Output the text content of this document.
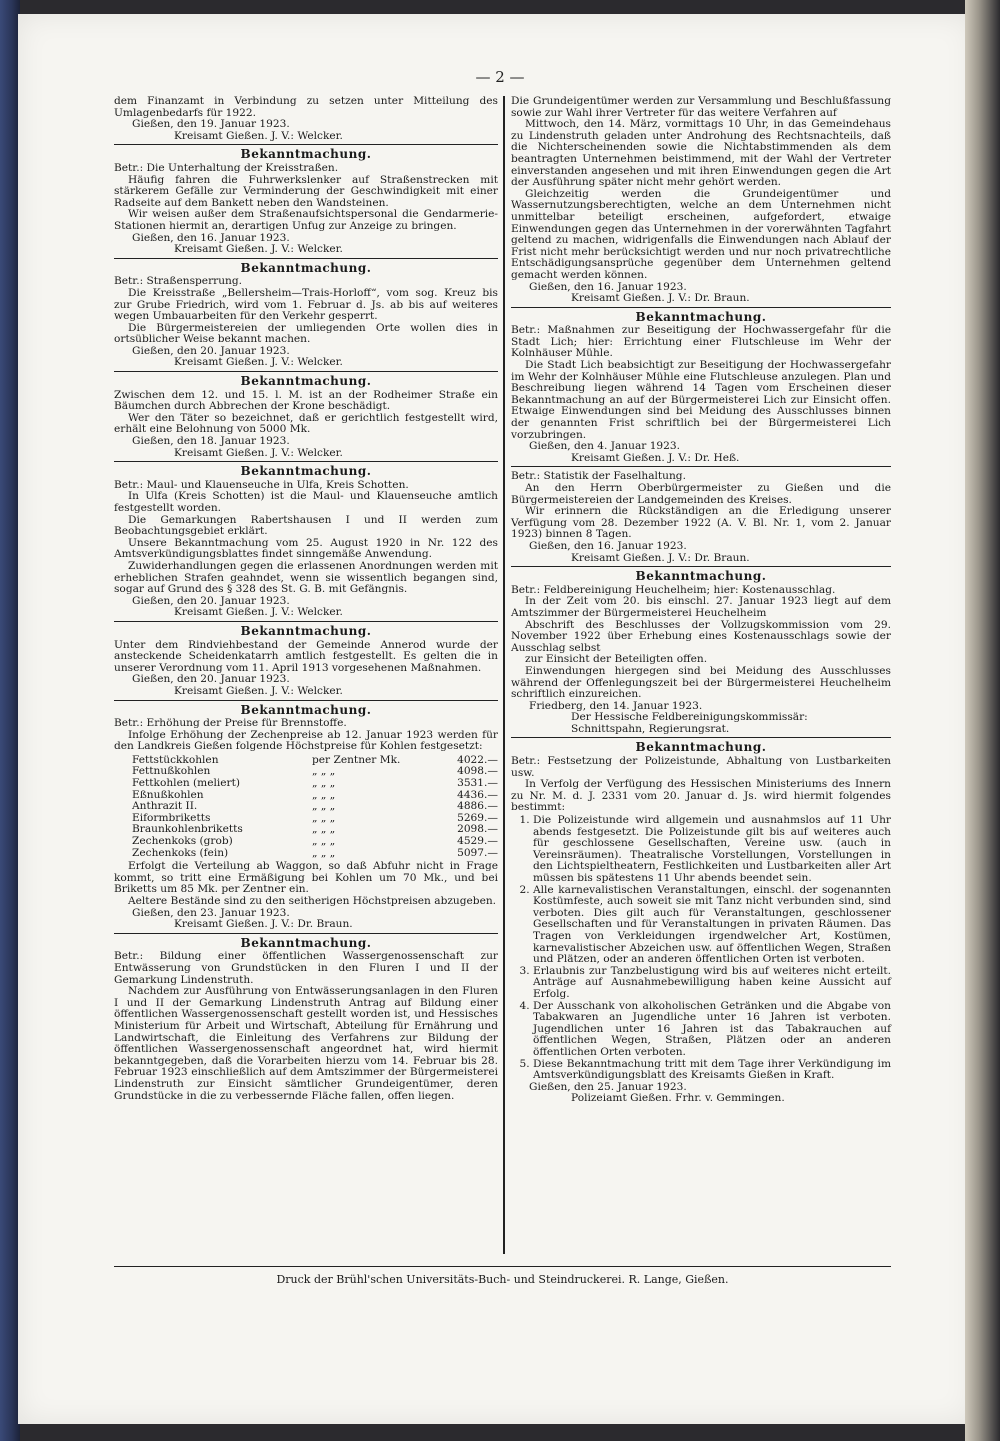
— 2 —

dem Finanzamt in Verbindung zu setzen unter Mitteilung des Umlagenbedarfs für 1922.

Gießen, den 19. Januar 1923.

Kreisamt Gießen. J. V.: Welcker.

Bekanntmachung.

Betr.: Die Unterhaltung der Kreisstraßen.

Häufig fahren die Fuhrwerkslenker auf Straßenstrecken mit stärkerem Gefälle zur Verminderung der Geschwindigkeit mit einer Radseite auf dem Bankett neben den Wandsteinen.

Wir weisen außer dem Straßenaufsichtspersonal die Gendarmerie-Stationen hiermit an, derartigen Unfug zur Anzeige zu bringen.

Gießen, den 16. Januar 1923.

Kreisamt Gießen. J. V.: Welcker.

Bekanntmachung.

Betr.: Straßensperrung.

Die Kreisstraße „Bellersheim—Trais-Horloff“, vom sog. Kreuz bis zur Grube Friedrich, wird vom 1. Februar d. Js. ab bis auf weiteres wegen Umbauarbeiten für den Verkehr gesperrt.

Die Bürgermeistereien der umliegenden Orte wollen dies in ortsüblicher Weise bekannt machen.

Gießen, den 20. Januar 1923.

Kreisamt Gießen. J. V.: Welcker.

Bekanntmachung.

Zwischen dem 12. und 15. l. M. ist an der Rodheimer Straße ein Bäumchen durch Abbrechen der Krone beschädigt.

Wer den Täter so bezeichnet, daß er gerichtlich festgestellt wird, erhält eine Belohnung von 5000 Mk.

Gießen, den 18. Januar 1923.

Kreisamt Gießen. J. V.: Welcker.

Bekanntmachung.

Betr.: Maul- und Klauenseuche in Ulfa, Kreis Schotten.

In Ulfa (Kreis Schotten) ist die Maul- und Klauenseuche amtlich festgestellt worden.

Die Gemarkungen Rabertshausen I und II werden zum Beobachtungsgebiet erklärt.

Unsere Bekanntmachung vom 25. August 1920 in Nr. 122 des Amtsverkündigungsblattes findet sinngemäße Anwendung.

Zuwiderhandlungen gegen die erlassenen Anordnungen werden mit erheblichen Strafen geahndet, wenn sie wissentlich begangen sind, sogar auf Grund des § 328 des St. G. B. mit Gefängnis.

Gießen, den 20. Januar 1923.

Kreisamt Gießen. J. V.: Welcker.

Bekanntmachung.

Unter dem Rindviehbestand der Gemeinde Annerod wurde der ansteckende Scheidenkatarrh amtlich festgestellt. Es gelten die in unserer Verordnung vom 11. April 1913 vorgesehenen Maßnahmen.

Gießen, den 20. Januar 1923.

Kreisamt Gießen. J. V.: Welcker.

Bekanntmachung.

Betr.: Erhöhung der Preise für Brennstoffe.

Infolge Erhöhung der Zechenpreise ab 12. Januar 1923 werden für den Landkreis Gießen folgende Höchstpreise für Kohlen festgesetzt:

Fettstückkohlen	per Zentner Mk.	4022.—
Fettnußkohlen	„ „ „	4098.—
Fettkohlen (meliert)	„ „ „	3531.—
Eßnußkohlen	„ „ „	4436.—
Anthrazit II.	„ „ „	4886.—
Eiformbriketts	„ „ „	5269.—
Braunkohlenbriketts	„ „ „	2098.—
Zechenkoks (grob)	„ „ „	4529.—
Zechenkoks (fein)	„ „ „	5097.—

Erfolgt die Verteilung ab Waggon, so daß Abfuhr nicht in Frage kommt, so tritt eine Ermäßigung bei Kohlen um 70 Mk., und bei Briketts um 85 Mk. per Zentner ein.

Aeltere Bestände sind zu den seitherigen Höchstpreisen abzugeben.

Gießen, den 23. Januar 1923.

Kreisamt Gießen. J. V.: Dr. Braun.

Bekanntmachung.

Betr.: Bildung einer öffentlichen Wassergenossenschaft zur Entwässerung von Grundstücken in den Fluren I und II der Gemarkung Lindenstruth.

Nachdem zur Ausführung von Entwässerungsanlagen in den Fluren I und II der Gemarkung Lindenstruth Antrag auf Bildung einer öffentlichen Wassergenossenschaft gestellt worden ist, und Hessisches Ministerium für Arbeit und Wirtschaft, Abteilung für Ernährung und Landwirtschaft, die Einleitung des Verfahrens zur Bildung der öffentlichen Wassergenossenschaft angeordnet hat, wird hiermit bekanntgegeben, daß die Vorarbeiten hierzu vom 14. Februar bis 28. Februar 1923 einschließlich auf dem Amtszimmer der Bürgermeisterei Lindenstruth zur Einsicht sämtlicher Grundeigentümer, deren Grundstücke in die zu verbessernde Fläche fallen, offen liegen.

Die Grundeigentümer werden zur Versammlung und Beschlußfassung sowie zur Wahl ihrer Vertreter für das weitere Verfahren auf

Mittwoch, den 14. März, vormittags 10 Uhr, in das Gemeindehaus zu Lindenstruth geladen unter Androhung des Rechtsnachteils, daß die Nichterscheinenden sowie die Nichtabstimmenden als dem beantragten Unternehmen beistimmend, mit der Wahl der Vertreter einverstanden angesehen und mit ihren Einwendungen gegen die Art der Ausführung später nicht mehr gehört werden.

Gleichzeitig werden die Grundeigentümer und Wassernutzungsberechtigten, welche an dem Unternehmen nicht unmittelbar beteiligt erscheinen, aufgefordert, etwaige Einwendungen gegen das Unternehmen in der vorerwähnten Tagfahrt geltend zu machen, widrigenfalls die Einwendungen nach Ablauf der Frist nicht mehr berücksichtigt werden und nur noch privatrechtliche Entschädigungsansprüche gegenüber dem Unternehmen geltend gemacht werden können.

Gießen, den 16. Januar 1923.

Kreisamt Gießen. J. V.: Dr. Braun.

Bekanntmachung.

Betr.: Maßnahmen zur Beseitigung der Hochwassergefahr für die Stadt Lich; hier: Errichtung einer Flutschleuse im Wehr der Kolnhäuser Mühle.

Die Stadt Lich beabsichtigt zur Beseitigung der Hochwassergefahr im Wehr der Kolnhäuser Mühle eine Flutschleuse anzulegen. Plan und Beschreibung liegen während 14 Tagen vom Erscheinen dieser Bekanntmachung an auf der Bürgermeisterei Lich zur Einsicht offen. Etwaige Einwendungen sind bei Meidung des Ausschlusses binnen der genannten Frist schriftlich bei der Bürgermeisterei Lich vorzubringen.

Gießen, den 4. Januar 1923.

Kreisamt Gießen. J. V.: Dr. Heß.

Betr.: Statistik der Faselhaltung.

An den Herrn Oberbürgermeister zu Gießen und die Bürgermeistereien der Landgemeinden des Kreises.

Wir erinnern die Rückständigen an die Erledigung unserer Verfügung vom 28. Dezember 1922 (A. V. Bl. Nr. 1, vom 2. Januar 1923) binnen 8 Tagen.

Gießen, den 16. Januar 1923.

Kreisamt Gießen. J. V.: Dr. Braun.

Bekanntmachung.

Betr.: Feldbereinigung Heuchelheim; hier: Kostenausschlag.

In der Zeit vom 20. bis einschl. 27. Januar 1923 liegt auf dem Amtszimmer der Bürgermeisterei Heuchelheim

Abschrift des Beschlusses der Vollzugskommission vom 29. November 1922 über Erhebung eines Kostenausschlags sowie der Ausschlag selbst

zur Einsicht der Beteiligten offen.

Einwendungen hiergegen sind bei Meidung des Ausschlusses während der Offenlegungszeit bei der Bürgermeisterei Heuchelheim schriftlich einzureichen.

Friedberg, den 14. Januar 1923.

Der Hessische Feldbereinigungskommissär:

Schnittspahn, Regierungsrat.

Bekanntmachung.

Betr.: Festsetzung der Polizeistunde, Abhaltung von Lustbarkeiten usw.

In Verfolg der Verfügung des Hessischen Ministeriums des Innern zu Nr. M. d. J. 2331 vom 20. Januar d. Js. wird hiermit folgendes bestimmt:

1. Die Polizeistunde wird allgemein und ausnahmslos auf 11 Uhr abends festgesetzt. Die Polizeistunde gilt bis auf weiteres auch für geschlossene Gesellschaften, Vereine usw. (auch in Vereinsräumen). Theatralische Vorstellungen, Vorstellungen in den Lichtspieltheatern, Festlichkeiten und Lustbarkeiten aller Art müssen bis spätestens 11 Uhr abends beendet sein.
2. Alle karnevalistischen Veranstaltungen, einschl. der sogenannten Kostümfeste, auch soweit sie mit Tanz nicht verbunden sind, sind verboten. Dies gilt auch für Veranstaltungen, geschlossener Gesellschaften und für Veranstaltungen in privaten Räumen. Das Tragen von Verkleidungen irgendwelcher Art, Kostümen, karnevalistischer Abzeichen usw. auf öffentlichen Wegen, Straßen und Plätzen, oder an anderen öffentlichen Orten ist verboten.
3. Erlaubnis zur Tanzbelustigung wird bis auf weiteres nicht erteilt. Anträge auf Ausnahmebewilligung haben keine Aussicht auf Erfolg.
4. Der Ausschank von alkoholischen Getränken und die Abgabe von Tabakwaren an Jugendliche unter 16 Jahren ist verboten. Jugendlichen unter 16 Jahren ist das Tabakrauchen auf öffentlichen Wegen, Straßen, Plätzen oder an anderen öffentlichen Orten verboten.
5. Diese Bekanntmachung tritt mit dem Tage ihrer Verkündigung im Amtsverkündigungsblatt des Kreisamts Gießen in Kraft.

Gießen, den 25. Januar 1923.

Polizeiamt Gießen. Frhr. v. Gemmingen.

Druck der Brühl'schen Universitäts-Buch- und Steindruckerei. R. Lange, Gießen.
